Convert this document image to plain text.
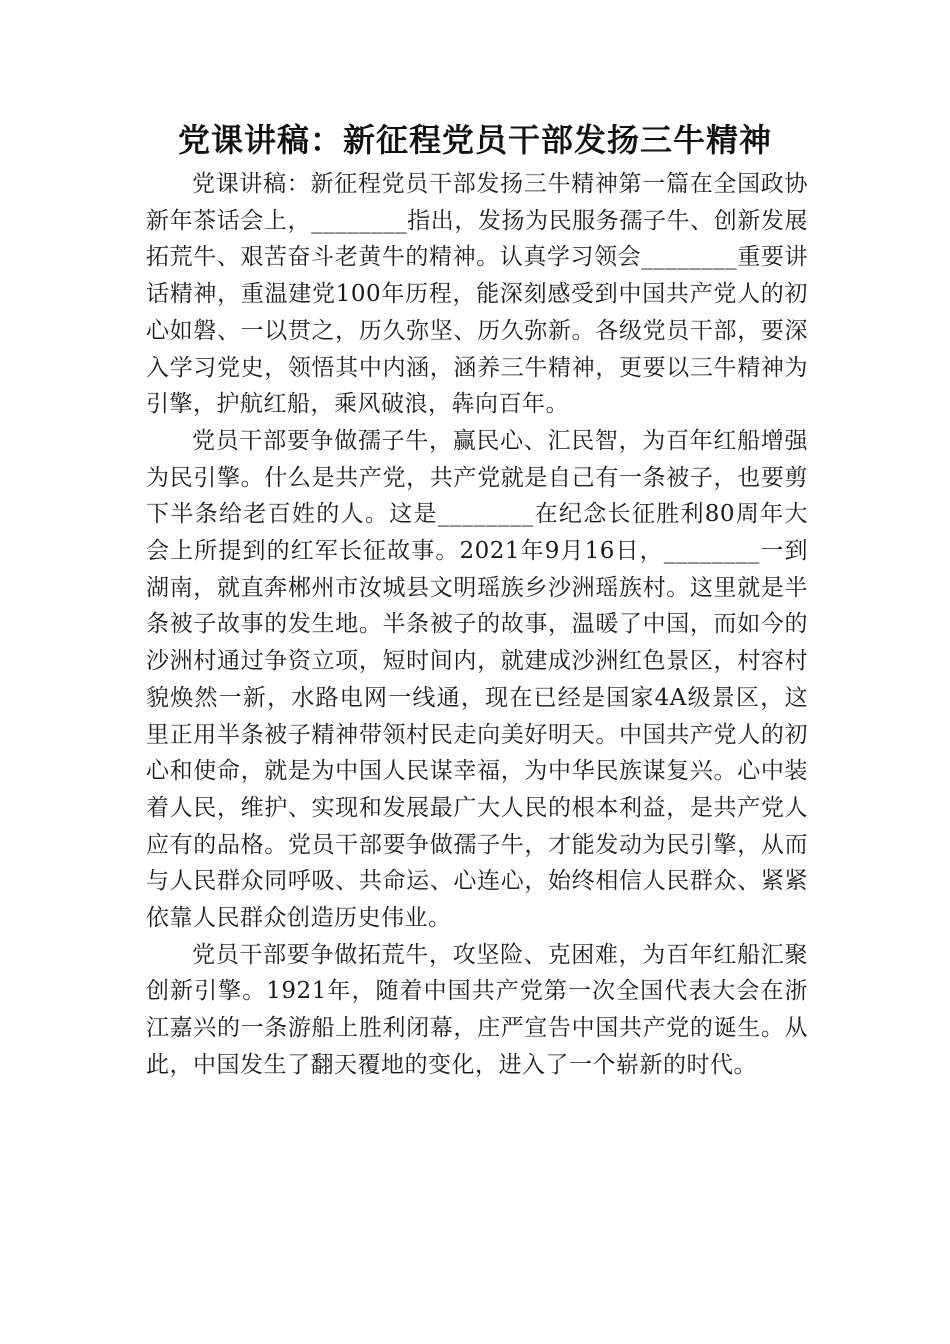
党课讲稿：新征程党员干部发扬三牛精神

党课讲稿：新征程党员干部发扬三牛精神第一篇在全国政协新年茶话会上，________指出，发扬为民服务孺子牛、创新发展拓荒牛、艰苦奋斗老黄牛的精神。认真学习领会________重要讲话精神，重温建党100年历程，能深刻感受到中国共产党人的初心如磐、一以贯之，历久弥坚、历久弥新。各级党员干部，要深入学习党史，领悟其中内涵，涵养三牛精神，更要以三牛精神为引擎，护航红船，乘风破浪，犇向百年。

党员干部要争做孺子牛，赢民心、汇民智，为百年红船增强为民引擎。什么是共产党，共产党就是自己有一条被子，也要剪下半条给老百姓的人。这是________在纪念长征胜利80周年大会上所提到的红军长征故事。2021年9月16日，________一到湖南，就直奔郴州市汝城县文明瑶族乡沙洲瑶族村。这里就是半条被子故事的发生地。半条被子的故事，温暖了中国，而如今的沙洲村通过争资立项，短时间内，就建成沙洲红色景区，村容村貌焕然一新，水路电网一线通，现在已经是国家4A级景区，这里正用半条被子精神带领村民走向美好明天。中国共产党人的初心和使命，就是为中国人民谋幸福，为中华民族谋复兴。心中装着人民，维护、实现和发展最广大人民的根本利益，是共产党人应有的品格。党员干部要争做孺子牛，才能发动为民引擎，从而与人民群众同呼吸、共命运、心连心，始终相信人民群众、紧紧依靠人民群众创造历史伟业。

党员干部要争做拓荒牛，攻坚险、克困难，为百年红船汇聚创新引擎。1921年，随着中国共产党第一次全国代表大会在浙江嘉兴的一条游船上胜利闭幕，庄严宣告中国共产党的诞生。从此，中国发生了翻天覆地的变化，进入了一个崭新的时代。
